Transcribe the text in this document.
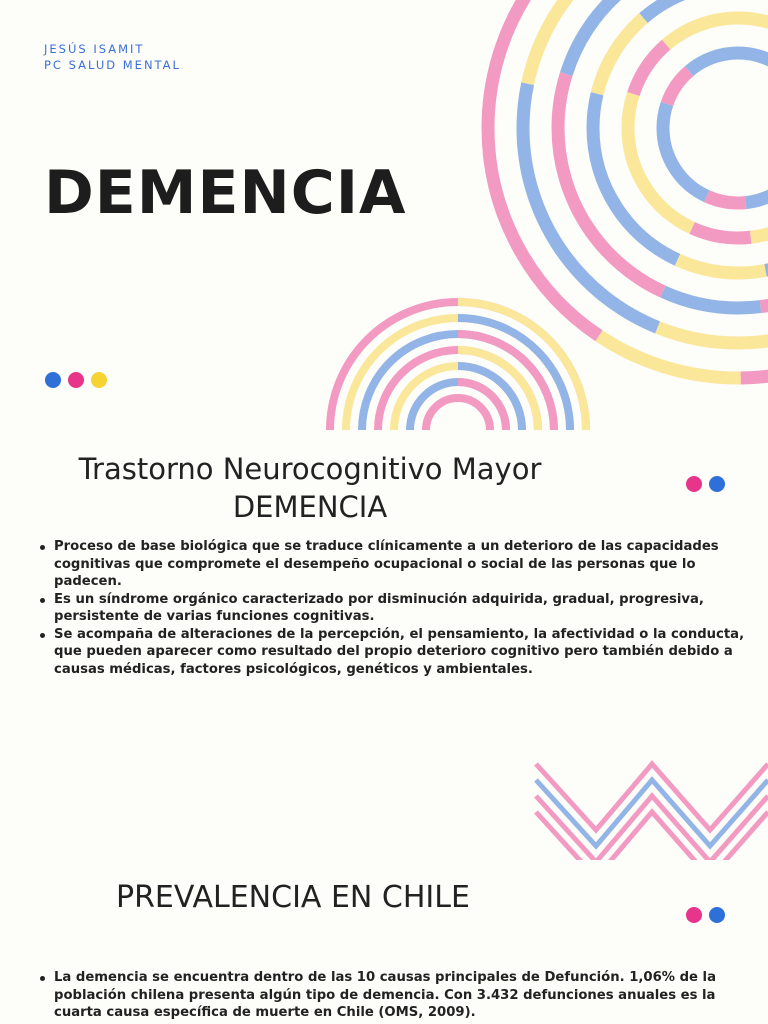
JESÚS ISAMIT
PC SALUD MENTAL
DEMENCIA
Trastorno Neurocognitivo Mayor
DEMENCIA
Proceso de base biológica que se traduce clínicamente a un deterioro de las capacidades cognitivas que compromete el desempeño ocupacional o social de las personas que lo padecen.
Es un síndrome orgánico caracterizado por disminución adquirida, gradual, progresiva, persistente de varias funciones cognitivas.
Se acompaña de alteraciones de la percepción, el pensamiento, la afectividad o la conducta, que pueden aparecer como resultado del propio deterioro cognitivo pero también debido a causas médicas, factores psicológicos, genéticos y ambientales.
PREVALENCIA EN CHILE
La demencia se encuentra dentro de las 10 causas principales de Defunción. 1,06% de la población chilena presenta algún tipo de demencia. Con 3.432 defunciones anuales es la cuarta causa específica de muerte en Chile (OMS, 2009).
